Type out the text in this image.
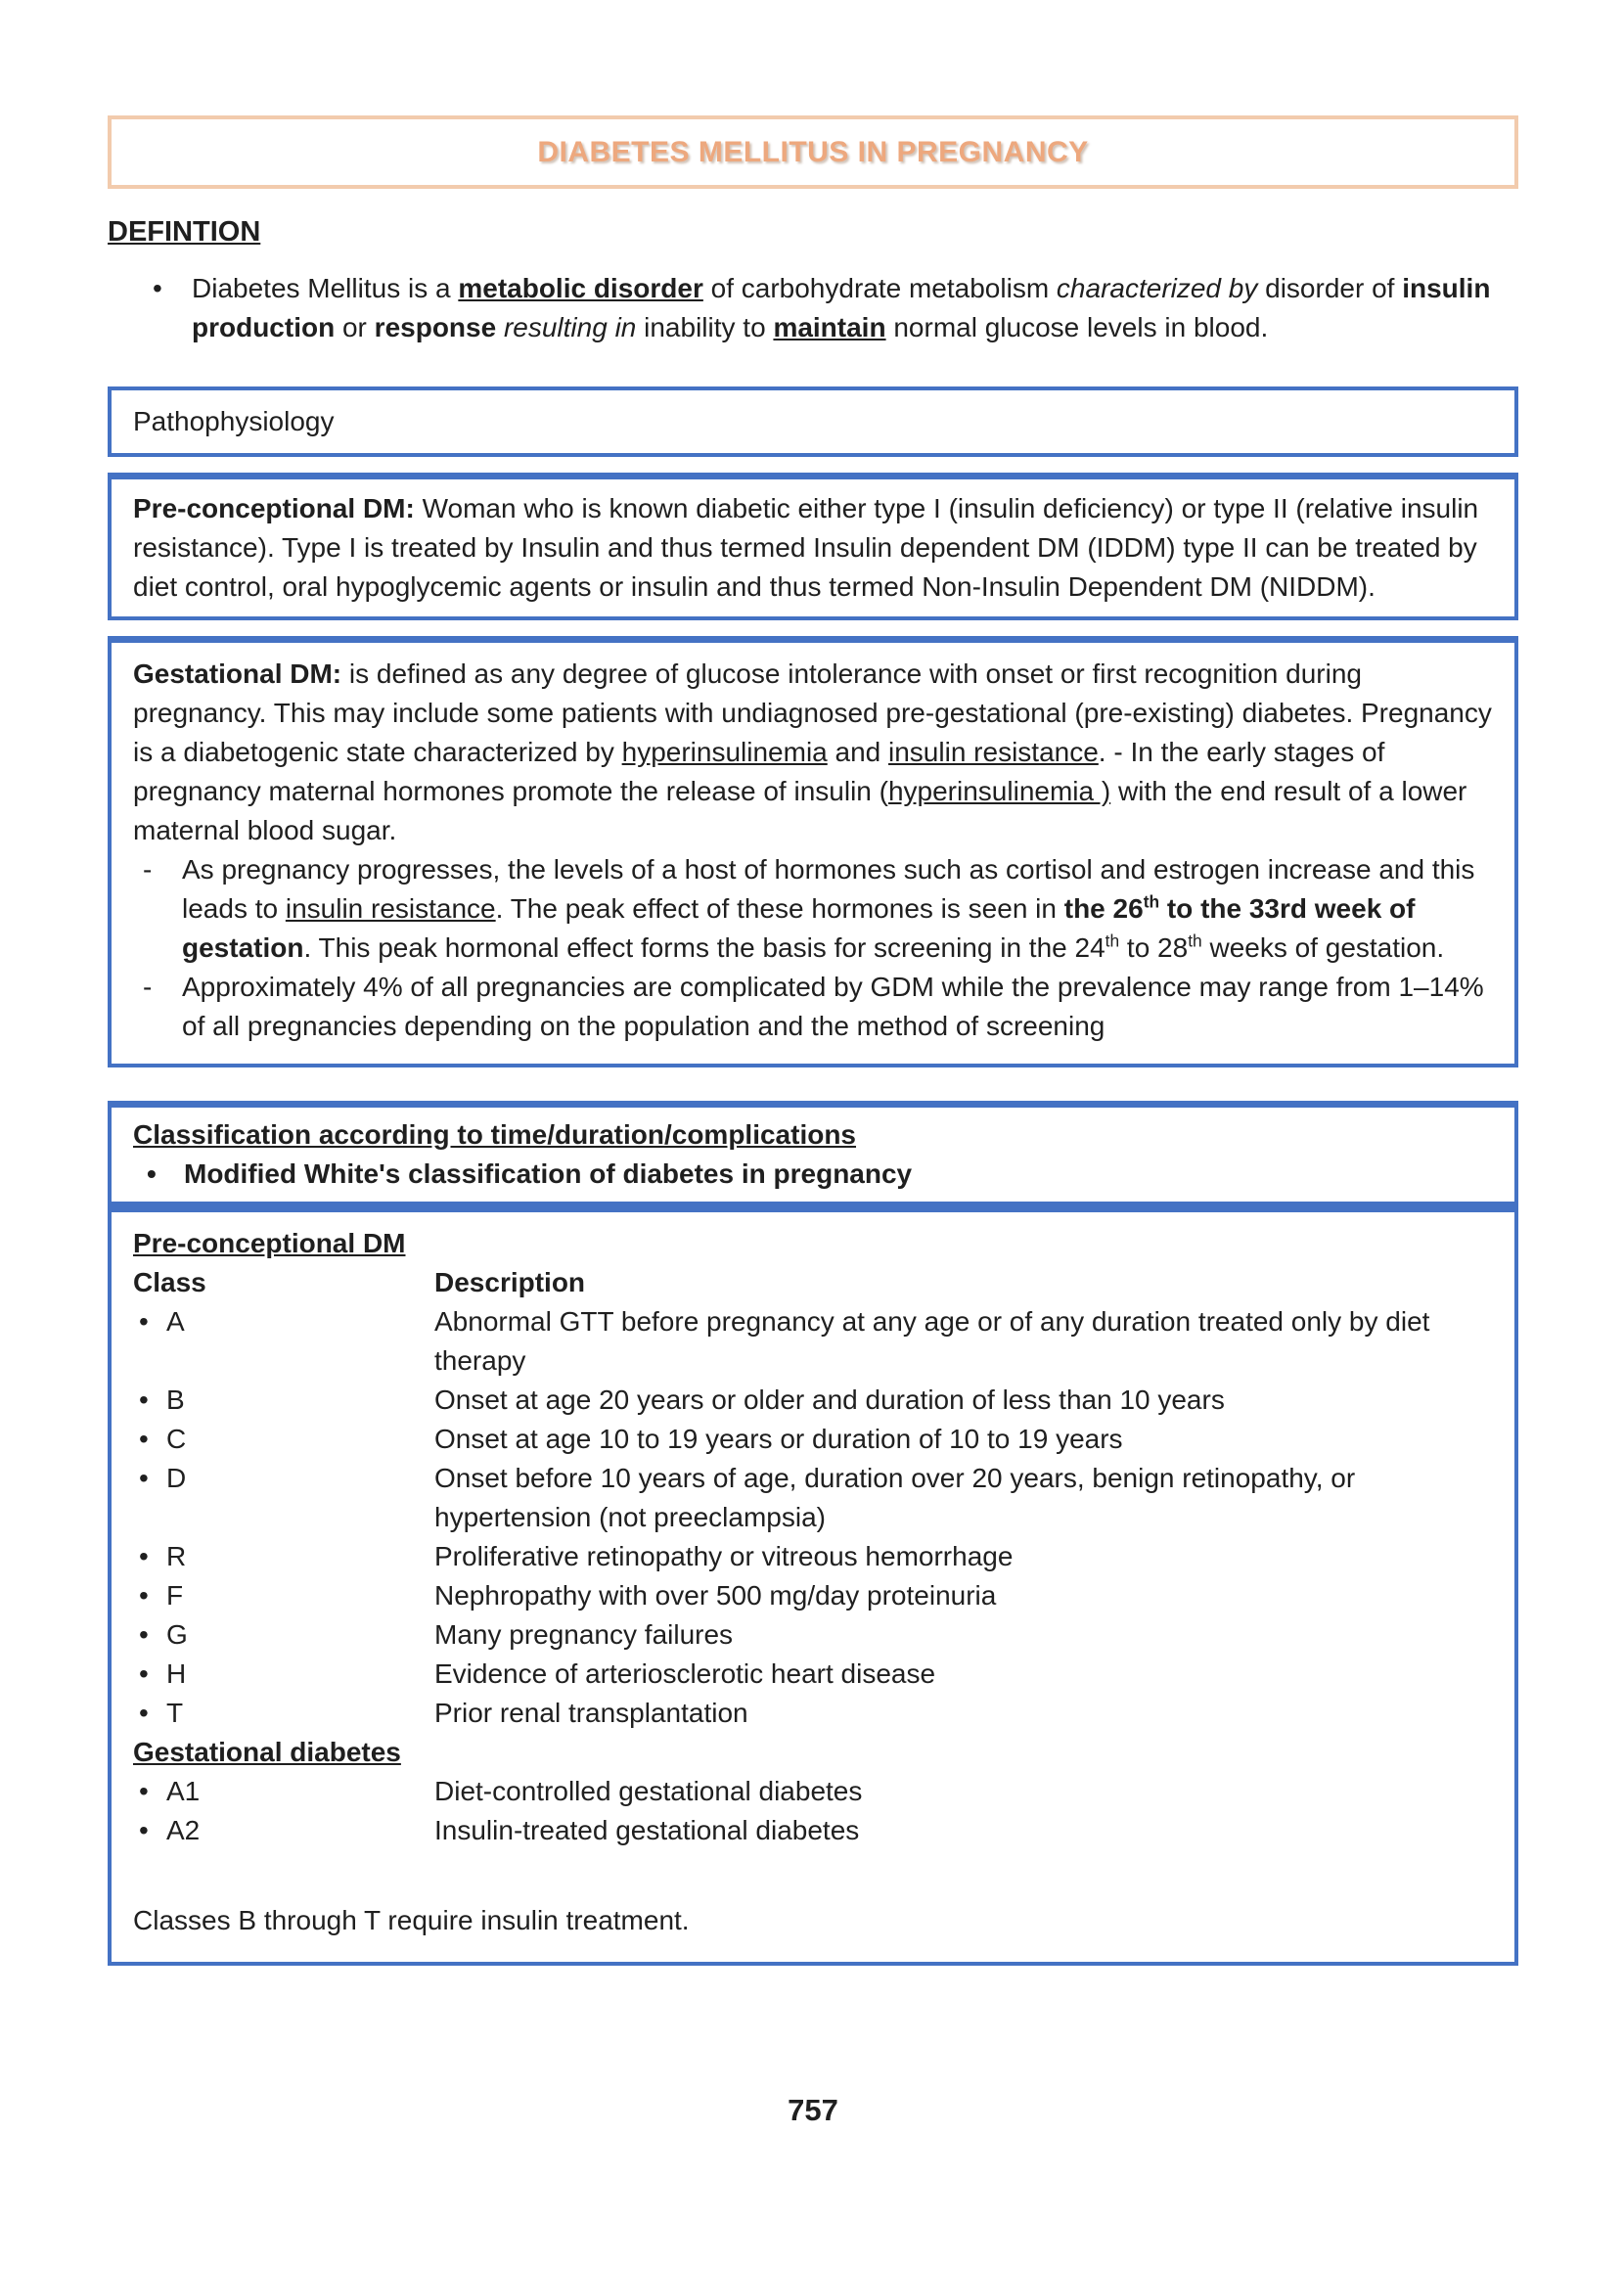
DIABETES MELLITUS IN PREGNANCY
DEFINTION
• Diabetes Mellitus is a metabolic disorder of carbohydrate metabolism characterized by disorder of insulin production or response resulting in inability to maintain normal glucose levels in blood.
Pathophysiology
Pre-conceptional DM: Woman who is known diabetic either type I (insulin deficiency) or type II (relative insulin resistance). Type I is treated by Insulin and thus termed Insulin dependent DM (IDDM) type II can be treated by diet control, oral hypoglycemic agents or insulin and thus termed Non-Insulin Dependent DM (NIDDM).
Gestational DM: is defined as any degree of glucose intolerance with onset or first recognition during pregnancy. This may include some patients with undiagnosed pre-gestational (pre-existing) diabetes. Pregnancy is a diabetogenic state characterized by hyperinsulinemia and insulin resistance. - In the early stages of pregnancy maternal hormones promote the release of insulin (hyperinsulinemia ) with the end result of a lower maternal blood sugar.
- As pregnancy progresses, the levels of a host of hormones such as cortisol and estrogen increase and this leads to insulin resistance. The peak effect of these hormones is seen in the 26th to the 33rd week of gestation. This peak hormonal effect forms the basis for screening in the 24th to 28th weeks of gestation.
- Approximately 4% of all pregnancies are complicated by GDM while the prevalence may range from 1–14% of all pregnancies depending on the population and the method of screening
Classification according to time/duration/complications
• Modified White's classification of diabetes in pregnancy
Pre-conceptional DM
Class	Description
• A	Abnormal GTT before pregnancy at any age or of any duration treated only by diet therapy
• B	Onset at age 20 years or older and duration of less than 10 years
• C	Onset at age 10 to 19 years or duration of 10 to 19 years
• D	Onset before 10 years of age, duration over 20 years, benign retinopathy, or hypertension (not preeclampsia)
• R	Proliferative retinopathy or vitreous hemorrhage
• F	Nephropathy with over 500 mg/day proteinuria
• G	Many pregnancy failures
• H	Evidence of arteriosclerotic heart disease
• T	Prior renal transplantation
Gestational diabetes
• A1	Diet-controlled gestational diabetes
• A2	Insulin-treated gestational diabetes
Classes B through T require insulin treatment.
757
